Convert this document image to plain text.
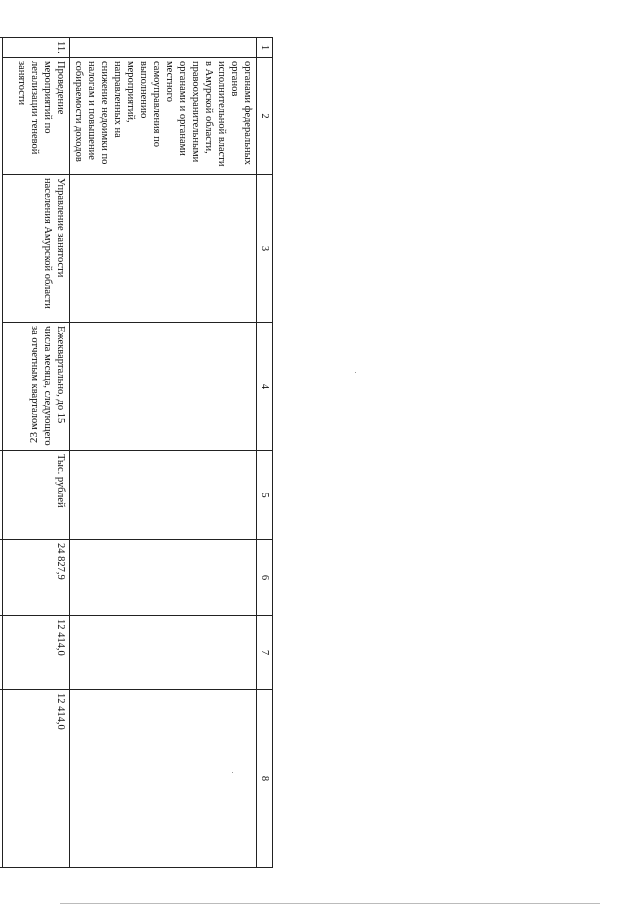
23
1	2	3	4	5	6	7	8
	органами федеральных органов исполнительной власти в Амурской области, правоохранительными органами и органами местного самоуправления по выполнению мероприятий, направленных на снижение недоимки по налогам и повышение собираемости доходов						
11.	Проведение мероприятий по легализации теневой занятости	Управление занятости населения Амурской области	Ежеквартально, до 15 числа месяца, следующего за отчетным кварталом	Тыс. рублей	24 827,9	12 414,0	12 414,0
